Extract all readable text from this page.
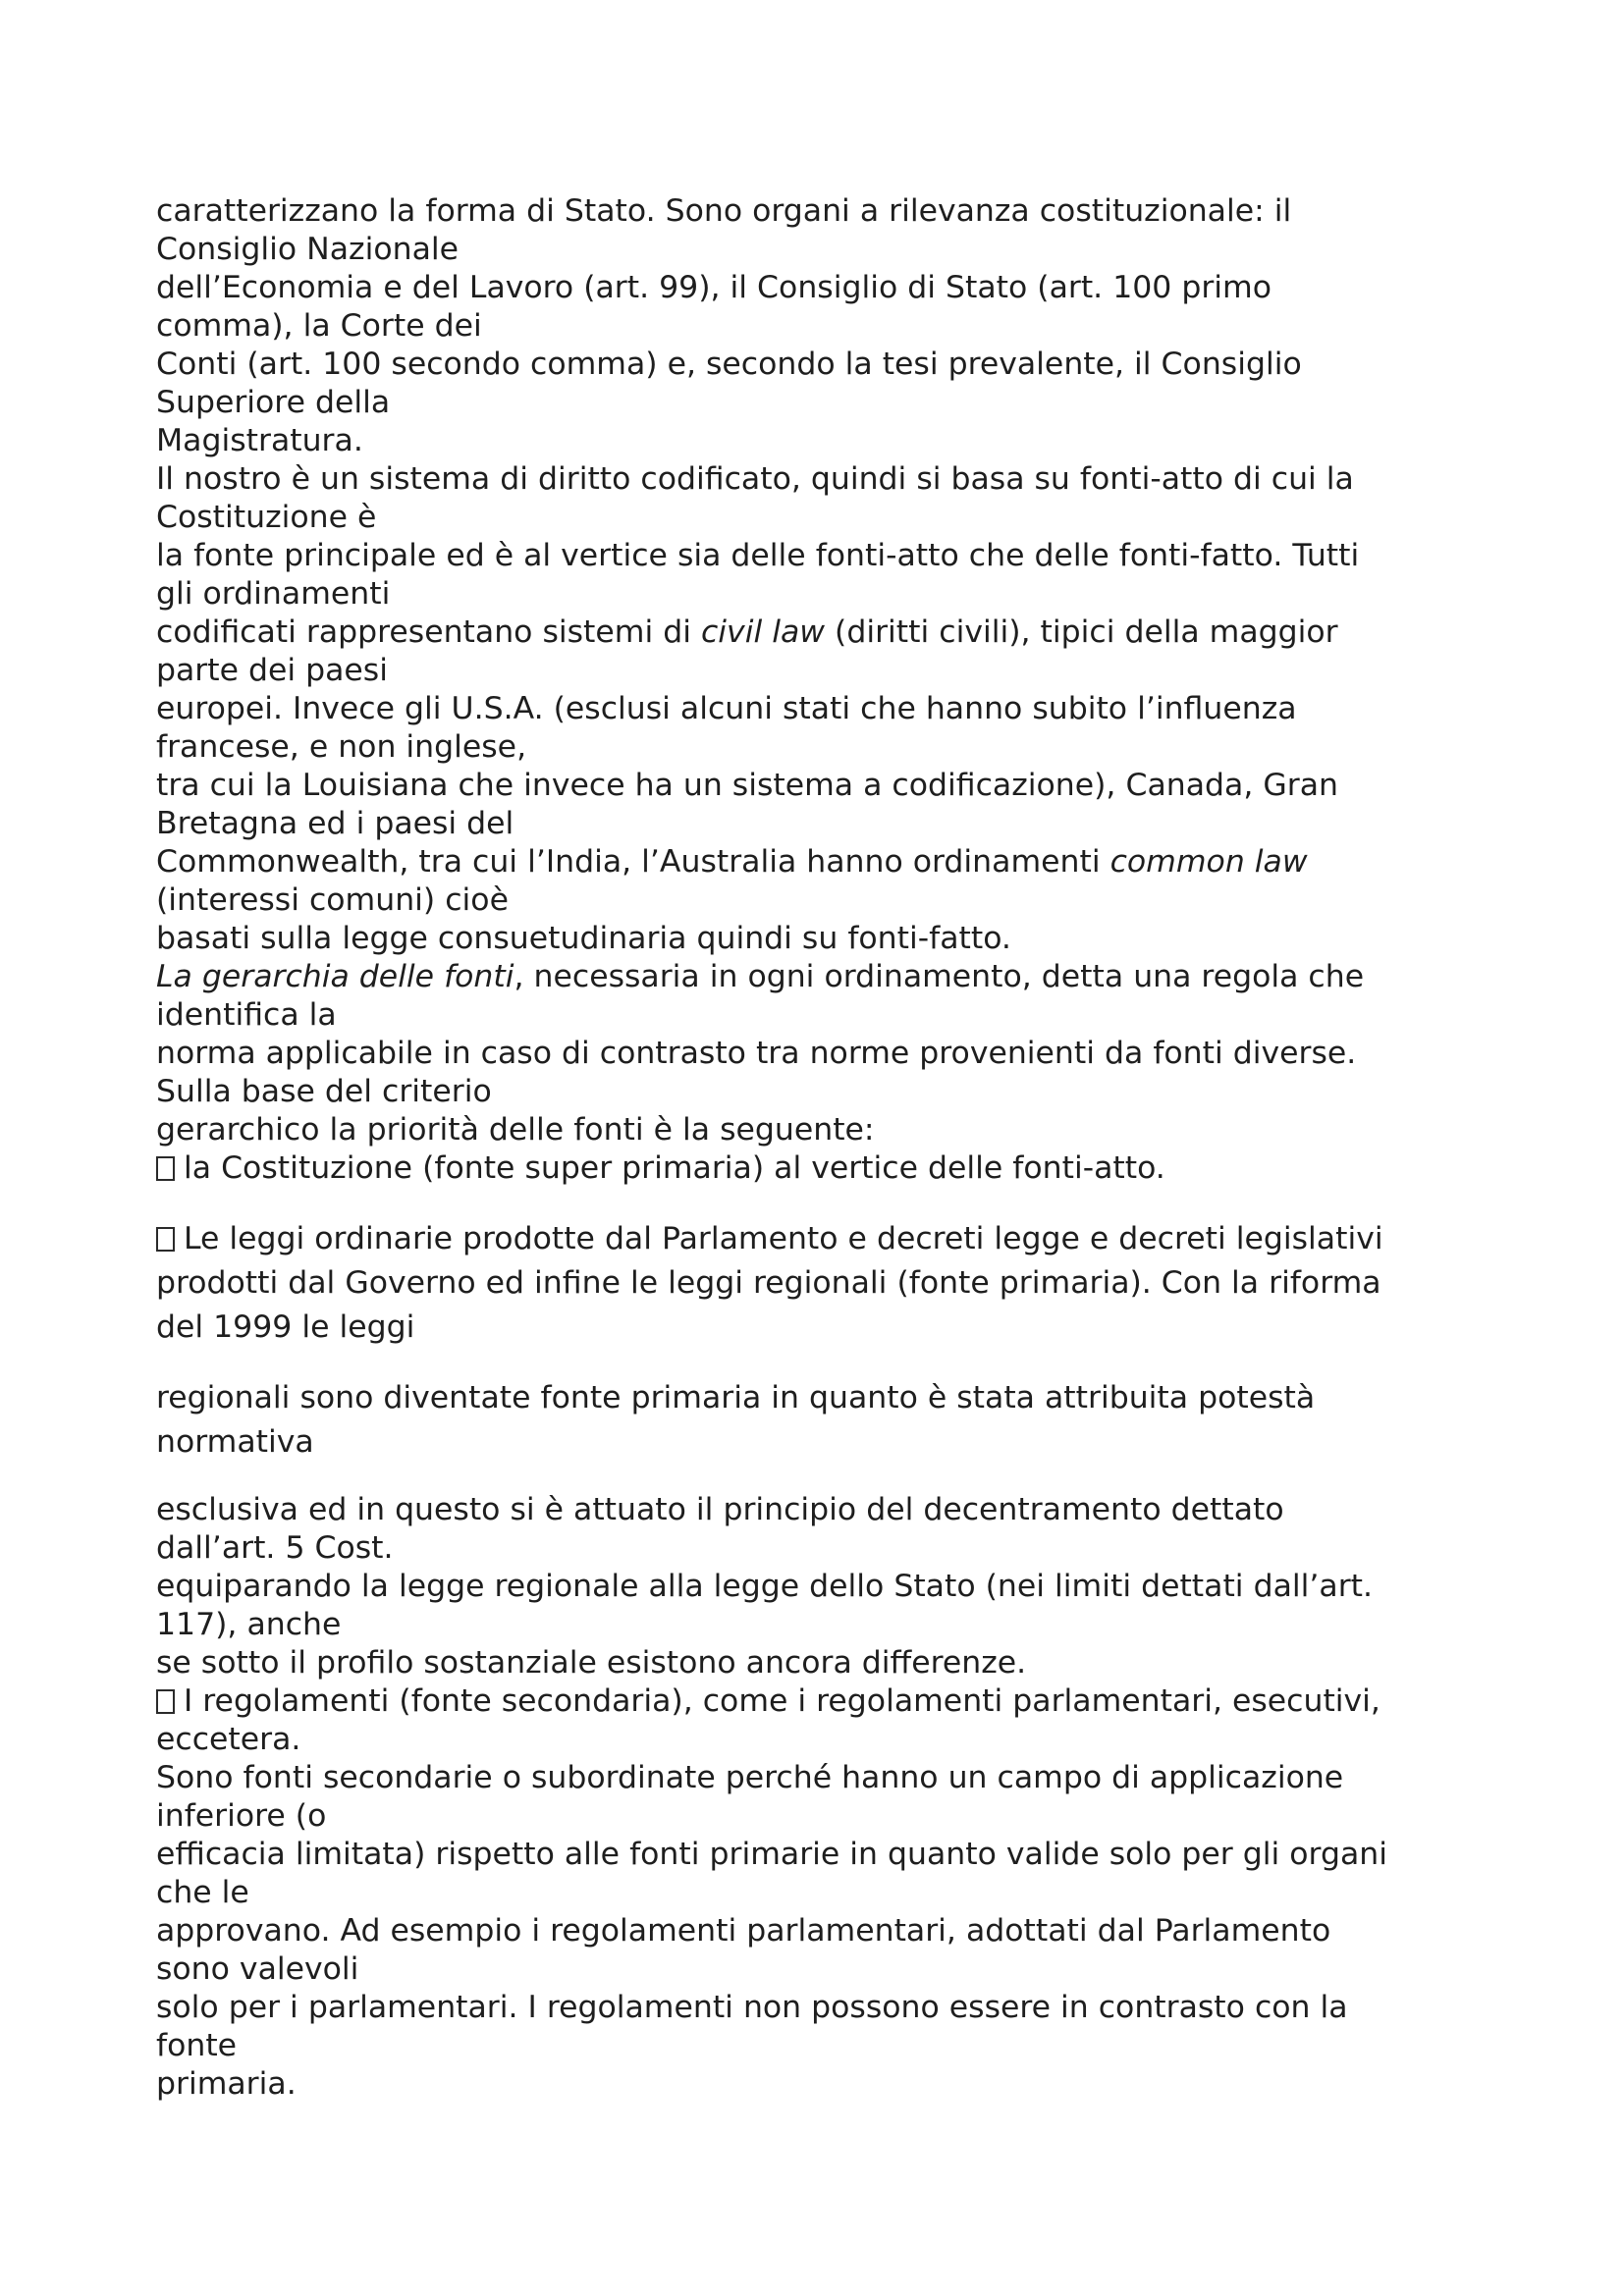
caratterizzano la forma di Stato. Sono organi a rilevanza costituzionale: il
Consiglio Nazionale
dell’Economia e del Lavoro (art. 99), il Consiglio di Stato (art. 100 primo
comma), la Corte dei
Conti (art. 100 secondo comma) e, secondo la tesi prevalente, il Consiglio
Superiore della
Magistratura.
Il nostro è un sistema di diritto codificato, quindi si basa su fonti-atto di cui la
Costituzione è
la fonte principale ed è al vertice sia delle fonti-atto che delle fonti-fatto. Tutti
gli ordinamenti
codificati rappresentano sistemi di civil law (diritti civili), tipici della maggior
parte dei paesi
europei. Invece gli U.S.A. (esclusi alcuni stati che hanno subito l’influenza
francese, e non inglese,
tra cui la Louisiana che invece ha un sistema a codificazione), Canada, Gran
Bretagna ed i paesi del
Commonwealth, tra cui l’India, l’Australia hanno ordinamenti common law
(interessi comuni) cioè
basati sulla legge consuetudinaria quindi su fonti-fatto.
La gerarchia delle fonti, necessaria in ogni ordinamento, detta una regola che
identifica la
norma applicabile in caso di contrasto tra norme provenienti da fonti diverse.
Sulla base del criterio
gerarchico la priorità delle fonti è la seguente:
la Costituzione (fonte super primaria) al vertice delle fonti-atto.
Le leggi ordinarie prodotte dal Parlamento e decreti legge e decreti legislativi
prodotti dal Governo ed infine le leggi regionali (fonte primaria). Con la riforma
del 1999 le leggi
regionali sono diventate fonte primaria in quanto è stata attribuita potestà
normativa
esclusiva ed in questo si è attuato il principio del decentramento dettato
dall’art. 5 Cost.
equiparando la legge regionale alla legge dello Stato (nei limiti dettati dall’art.
117), anche
se sotto il profilo sostanziale esistono ancora differenze.
I regolamenti (fonte secondaria), come i regolamenti parlamentari, esecutivi,
eccetera.
Sono fonti secondarie o subordinate perché hanno un campo di applicazione
inferiore (o
efficacia limitata) rispetto alle fonti primarie in quanto valide solo per gli organi
che le
approvano. Ad esempio i regolamenti parlamentari, adottati dal Parlamento
sono valevoli
solo per i parlamentari. I regolamenti non possono essere in contrasto con la
fonte
primaria.
